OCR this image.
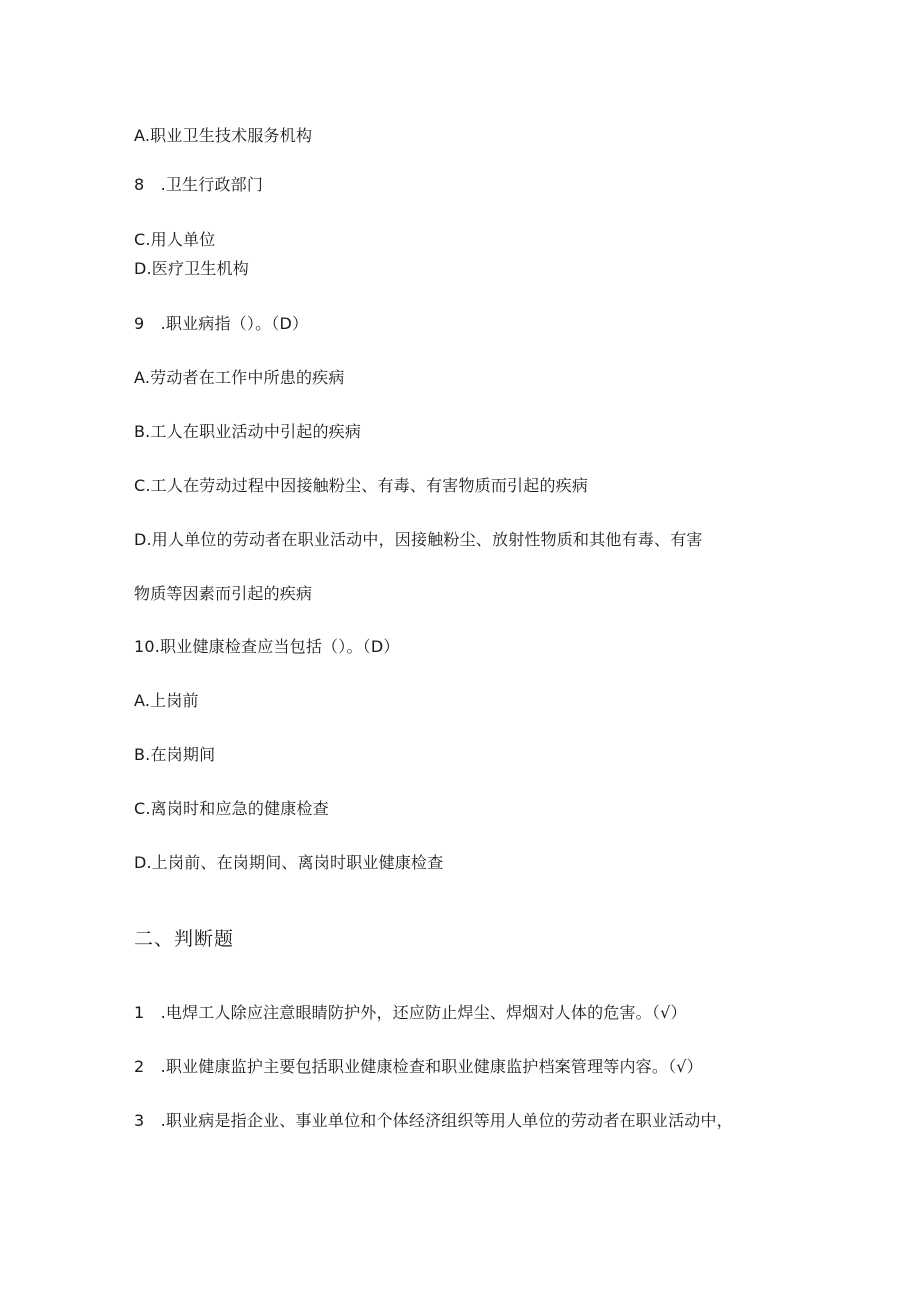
A.职业卫生技术服务机构
8　.卫生行政部门
C.用人单位
D.医疗卫生机构
9　.职业病指（）。（D）
A.劳动者在工作中所患的疾病
B.工人在职业活动中引起的疾病
C.工人在劳动过程中因接触粉尘、有毒、有害物质而引起的疾病
D.用人单位的劳动者在职业活动中，因接触粉尘、放射性物质和其他有毒、有害
物质等因素而引起的疾病
10.职业健康检查应当包括（）。（D）
A.上岗前
B.在岗期间
C.离岗时和应急的健康检查
D.上岗前、在岗期间、离岗时职业健康检查
二、判断题
1　.电焊工人除应注意眼睛防护外，还应防止焊尘、焊烟对人体的危害。（√）
2　.职业健康监护主要包括职业健康检查和职业健康监护档案管理等内容。（√）
3　.职业病是指企业、事业单位和个体经济组织等用人单位的劳动者在职业活动中，
